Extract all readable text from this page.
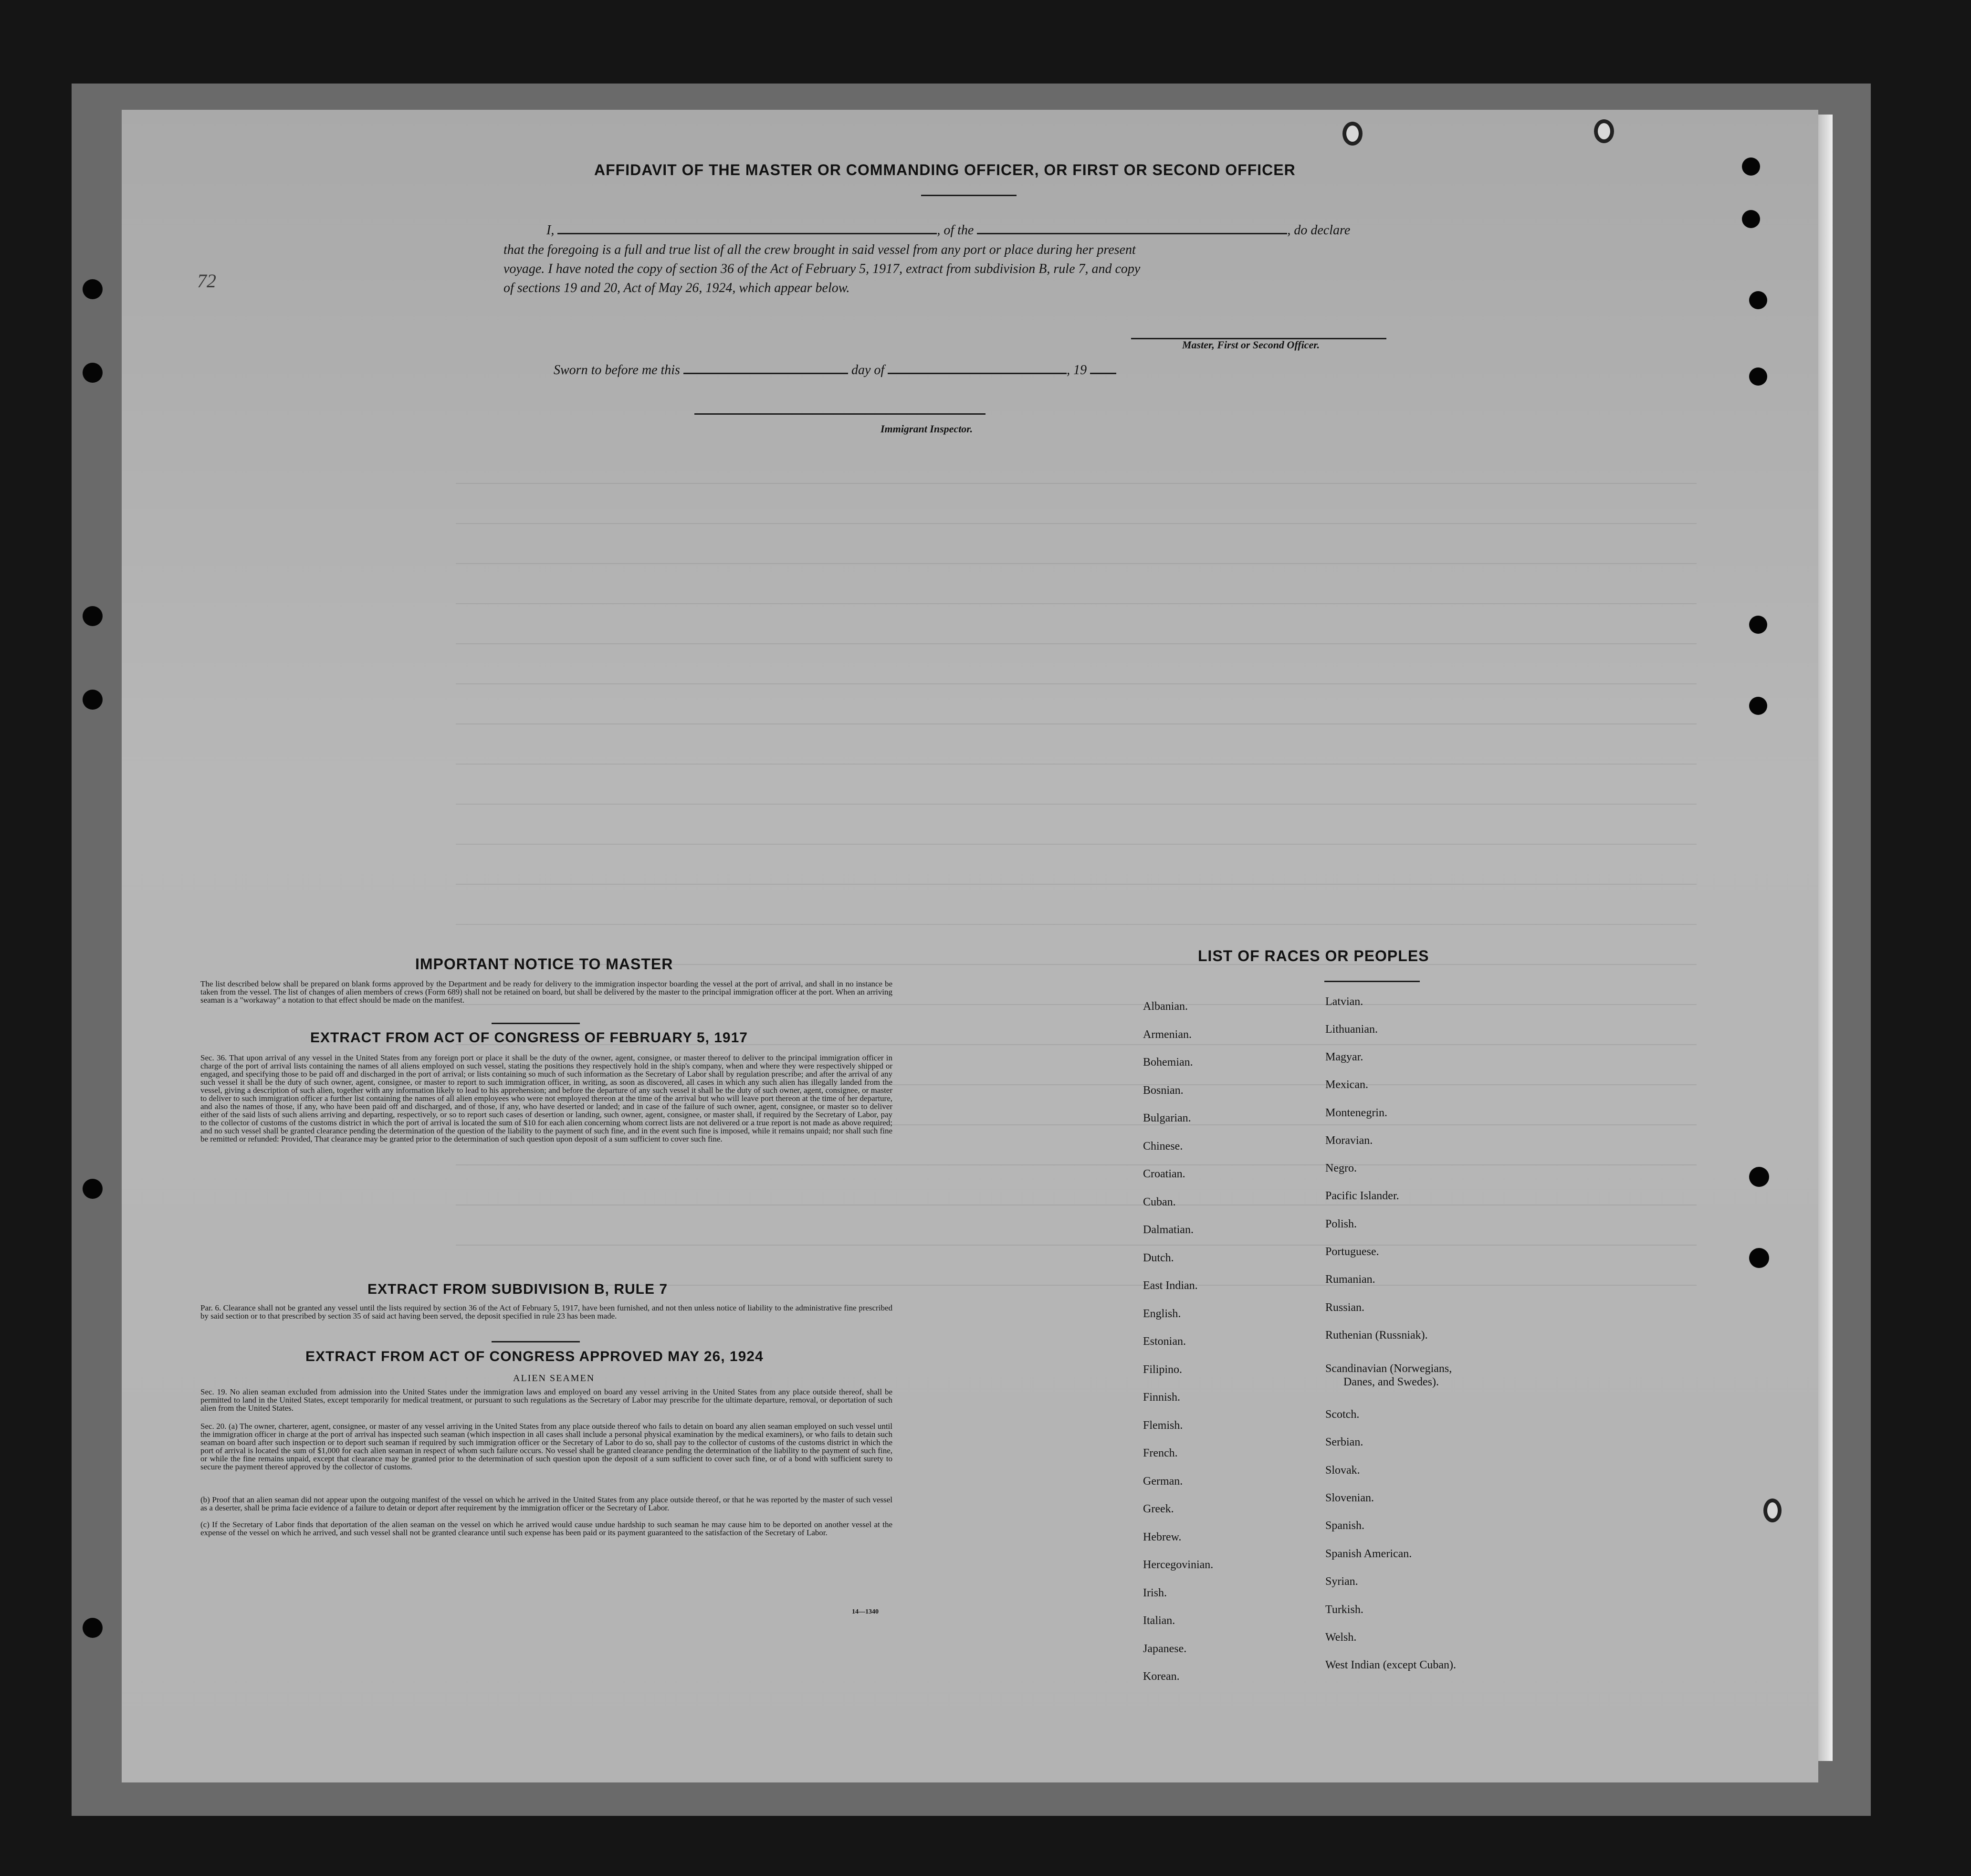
72
AFFIDAVIT OF THE MASTER OR COMMANDING OFFICER, OR FIRST OR SECOND OFFICER
I,	, of the	, do declare
that the foregoing is a full and true list of all the crew brought in said vessel from any port or place during her present
voyage. I have noted the copy of section 36 of the Act of February 5, 1917, extract from subdivision B, rule 7, and copy
of sections 19 and 20, Act of May 26, 1924, which appear below.
Master, First or Second Officer.
Sworn to before me this	day of	, 19
Immigrant Inspector.
IMPORTANT NOTICE TO MASTER
The list described below shall be prepared on blank forms approved by the Department and be ready for delivery to the immigration inspector boarding the vessel at the port of arrival, and shall in no instance be taken from the vessel. The list of changes of alien members of crews (Form 689) shall not be retained on board, but shall be delivered by the master to the principal immigration officer at the port. When an arriving seaman is a "workaway" a notation to that effect should be made on the manifest.
EXTRACT FROM ACT OF CONGRESS OF FEBRUARY 5, 1917
Sec. 36. That upon arrival of any vessel in the United States from any foreign port or place it shall be the duty of the owner, agent, consignee, or master thereof to deliver to the principal immigration officer in charge of the port of arrival lists containing the names of all aliens employed on such vessel, stating the positions they respectively hold in the ship's company, when and where they were respectively shipped or engaged, and specifying those to be paid off and discharged in the port of arrival; or lists containing so much of such information as the Secretary of Labor shall by regulation prescribe; and after the arrival of any such vessel it shall be the duty of such owner, agent, consignee, or master to report to such immigration officer, in writing, as soon as discovered, all cases in which any such alien has illegally landed from the vessel, giving a description of such alien, together with any information likely to lead to his apprehension; and before the departure of any such vessel it shall be the duty of such owner, agent, consignee, or master to deliver to such immigration officer a further list containing the names of all alien employees who were not employed thereon at the time of the arrival but who will leave port thereon at the time of her departure, and also the names of those, if any, who have been paid off and discharged, and of those, if any, who have deserted or landed; and in case of the failure of such owner, agent, consignee, or master so to deliver either of the said lists of such aliens arriving and departing, respectively, or so to report such cases of desertion or landing, such owner, agent, consignee, or master shall, if required by the Secretary of Labor, pay to the collector of customs of the customs district in which the port of arrival is located the sum of $10 for each alien concerning whom correct lists are not delivered or a true report is not made as above required; and no such vessel shall be granted clearance pending the determination of the question of the liability to the payment of such fine, and in the event such fine is imposed, while it remains unpaid; nor shall such fine be remitted or refunded: Provided, That clearance may be granted prior to the determination of such question upon deposit of a sum sufficient to cover such fine.
EXTRACT FROM SUBDIVISION B, RULE 7
Par. 6. Clearance shall not be granted any vessel until the lists required by section 36 of the Act of February 5, 1917, have been furnished, and not then unless notice of liability to the administrative fine prescribed by said section or to that prescribed by section 35 of said act having been served, the deposit specified in rule 23 has been made.
EXTRACT FROM ACT OF CONGRESS APPROVED MAY 26, 1924
ALIEN SEAMEN
Sec. 19. No alien seaman excluded from admission into the United States under the immigration laws and employed on board any vessel arriving in the United States from any place outside thereof, shall be permitted to land in the United States, except temporarily for medical treatment, or pursuant to such regulations as the Secretary of Labor may prescribe for the ultimate departure, removal, or deportation of such alien from the United States.
Sec. 20. (a) The owner, charterer, agent, consignee, or master of any vessel arriving in the United States from any place outside thereof who fails to detain on board any alien seaman employed on such vessel until the immigration officer in charge at the port of arrival has inspected such seaman (which inspection in all cases shall include a personal physical examination by the medical examiners), or who fails to detain such seaman on board after such inspection or to deport such seaman if required by such immigration officer or the Secretary of Labor to do so, shall pay to the collector of customs of the customs district in which the port of arrival is located the sum of $1,000 for each alien seaman in respect of whom such failure occurs. No vessel shall be granted clearance pending the determination of the liability to the payment of such fine, or while the fine remains unpaid, except that clearance may be granted prior to the determination of such question upon the deposit of a sum sufficient to cover such fine, or of a bond with sufficient surety to secure the payment thereof approved by the collector of customs.
(b) Proof that an alien seaman did not appear upon the outgoing manifest of the vessel on which he arrived in the United States from any place outside thereof, or that he was reported by the master of such vessel as a deserter, shall be prima facie evidence of a failure to detain or deport after requirement by the immigration officer or the Secretary of Labor.
(c) If the Secretary of Labor finds that deportation of the alien seaman on the vessel on which he arrived would cause undue hardship to such seaman he may cause him to be deported on another vessel at the expense of the vessel on which he arrived, and such vessel shall not be granted clearance until such expense has been paid or its payment guaranteed to the satisfaction of the Secretary of Labor.
14—1340
LIST OF RACES OR PEOPLES
Albanian.
Armenian.
Bohemian.
Bosnian.
Bulgarian.
Chinese.
Croatian.
Cuban.
Dalmatian.
Dutch.
East Indian.
English.
Estonian.
Filipino.
Finnish.
Flemish.
French.
German.
Greek.
Hebrew.
Hercegovinian.
Irish.
Italian.
Japanese.
Korean.
Latvian.
Lithuanian.
Magyar.
Mexican.
Montenegrin.
Moravian.
Negro.
Pacific Islander.
Polish.
Portuguese.
Rumanian.
Russian.
Ruthenian (Russniak).
Scandinavian (Norwegians,
Danes, and Swedes).
Scotch.
Serbian.
Slovak.
Slovenian.
Spanish.
Spanish American.
Syrian.
Turkish.
Welsh.
West Indian (except Cuban).
